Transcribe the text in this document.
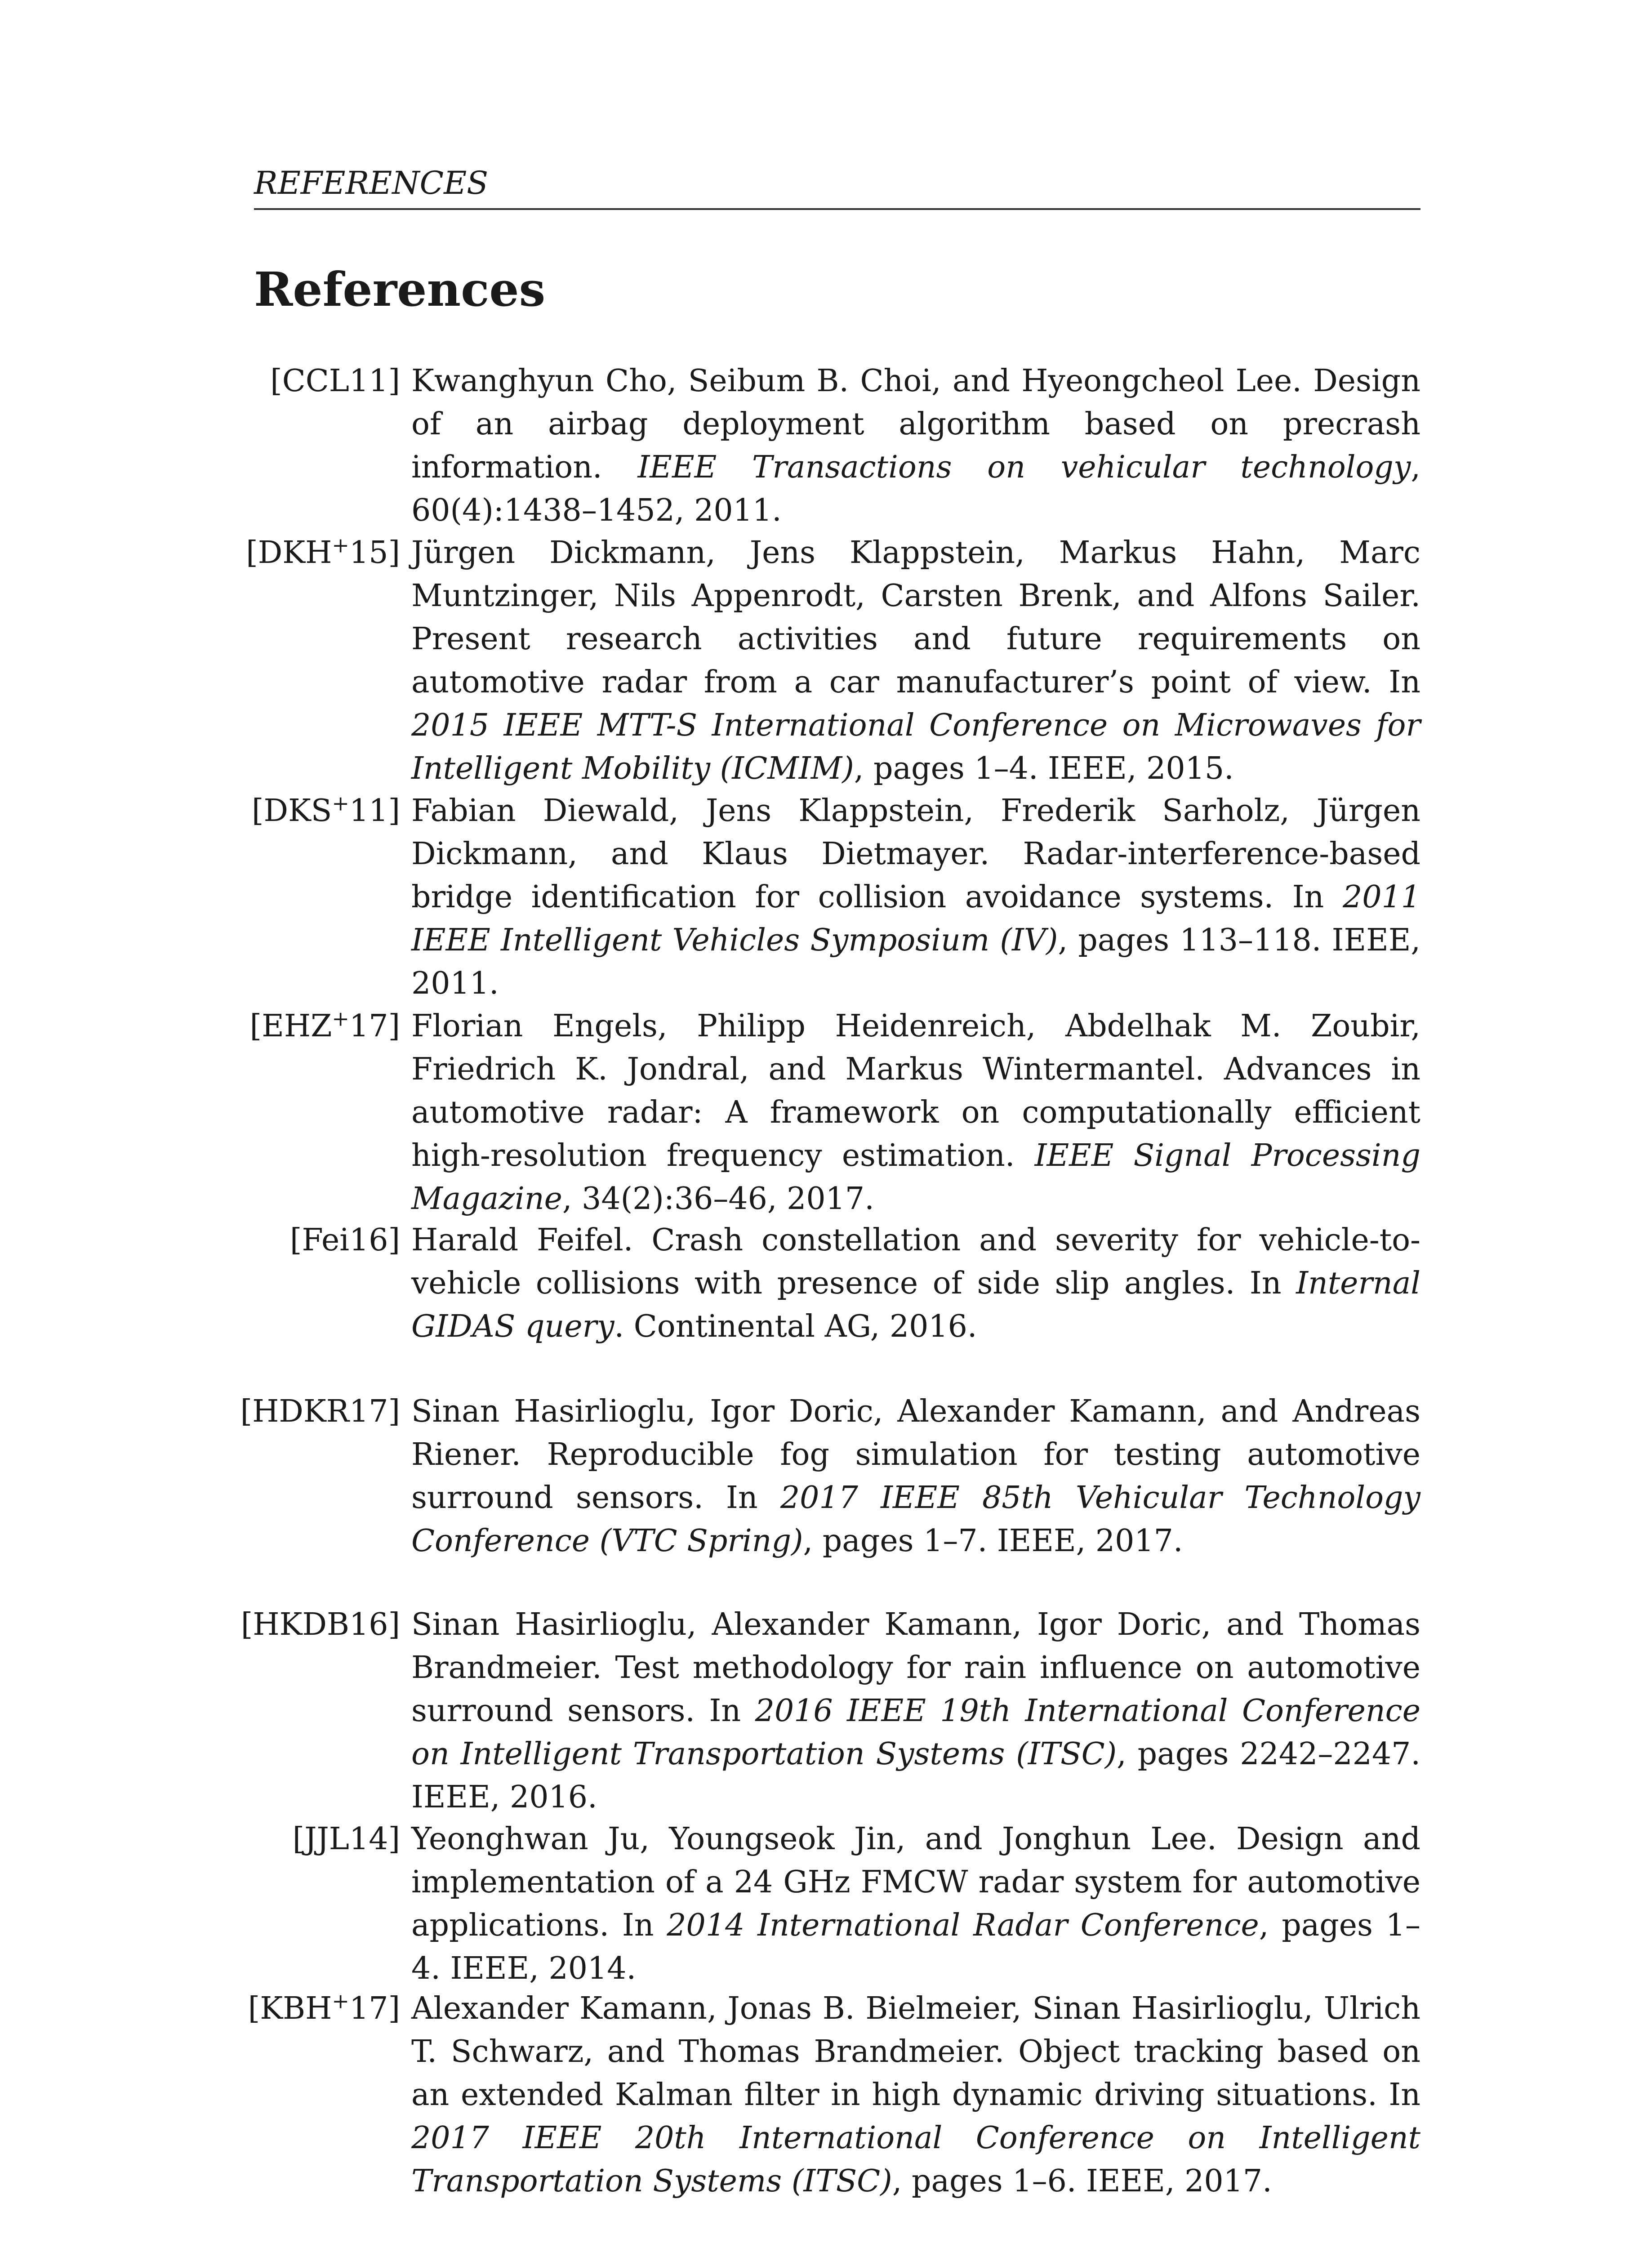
REFERENCES
References
[CCL11] Kwanghyun Cho, Seibum B. Choi, and Hyeongcheol Lee. Design of an airbag deployment algorithm based on precrash information. IEEE Transactions on vehicular technology, 60(4):1438–1452, 2011.
[DKH+15] Jürgen Dickmann, Jens Klappstein, Markus Hahn, Marc Muntzinger, Nils Appenrodt, Carsten Brenk, and Alfons Sailer. Present research activities and future requirements on automotive radar from a car manufacturer’s point of view. In 2015 IEEE MTT-S International Conference on Microwaves for Intelligent Mobility (ICMIM), pages 1–4. IEEE, 2015.
[DKS+11] Fabian Diewald, Jens Klappstein, Frederik Sarholz, Jürgen Dickmann, and Klaus Dietmayer. Radar-interference-based bridge identification for collision avoidance systems. In 2011 IEEE Intelligent Vehicles Symposium (IV), pages 113–118. IEEE, 2011.
[EHZ+17] Florian Engels, Philipp Heidenreich, Abdelhak M. Zoubir, Friedrich K. Jondral, and Markus Wintermantel. Advances in automotive radar: A framework on computationally efficient high-resolution frequency estimation. IEEE Signal Processing Magazine, 34(2):36–46, 2017.
[Fei16] Harald Feifel. Crash constellation and severity for vehicle-to-vehicle collisions with presence of side slip angles. In Internal GIDAS query. Continental AG, 2016.
[HDKR17] Sinan Hasirlioglu, Igor Doric, Alexander Kamann, and Andreas Riener. Reproducible fog simulation for testing automotive surround sensors. In 2017 IEEE 85th Vehicular Technology Conference (VTC Spring), pages 1–7. IEEE, 2017.
[HKDB16] Sinan Hasirlioglu, Alexander Kamann, Igor Doric, and Thomas Brandmeier. Test methodology for rain influence on automotive surround sensors. In 2016 IEEE 19th International Conference on Intelligent Transportation Systems (ITSC), pages 2242–2247. IEEE, 2016.
[JJL14] Yeonghwan Ju, Youngseok Jin, and Jonghun Lee. Design and implementation of a 24 GHz FMCW radar system for automotive applications. In 2014 International Radar Conference, pages 1–4. IEEE, 2014.
[KBH+17] Alexander Kamann, Jonas B. Bielmeier, Sinan Hasirlioglu, Ulrich T. Schwarz, and Thomas Brandmeier. Object tracking based on an extended Kalman filter in high dynamic driving situations. In 2017 IEEE 20th International Conference on Intelligent Transportation Systems (ITSC), pages 1–6. IEEE, 2017.
